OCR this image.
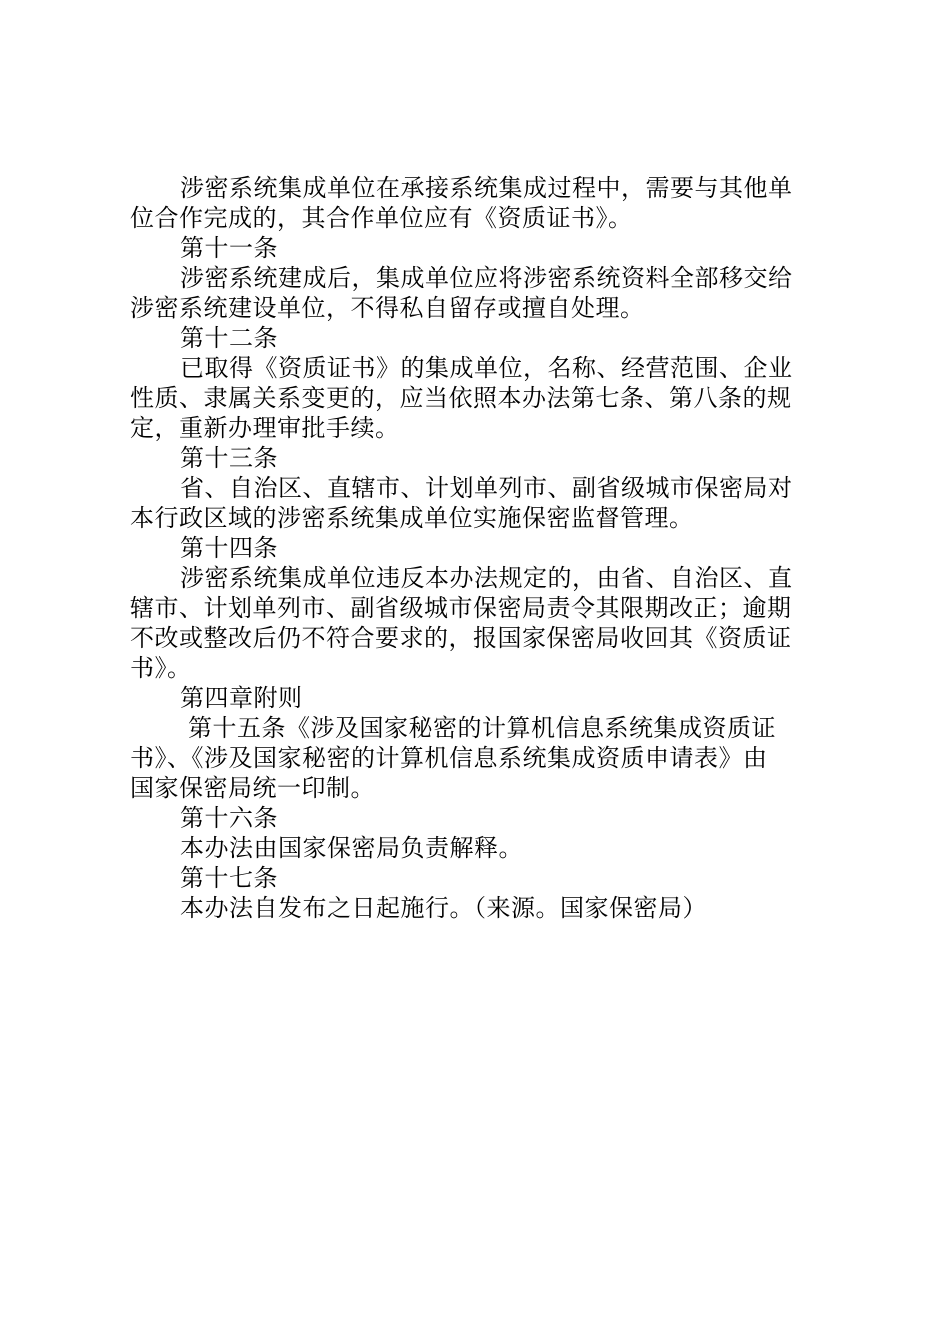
涉密系统集成单位在承接系统集成过程中，需要与其他单
位合作完成的，其合作单位应有《资质证书》。
第十一条
涉密系统建成后，集成单位应将涉密系统资料全部移交给
涉密系统建设单位，不得私自留存或擅自处理。
第十二条
已取得《资质证书》的集成单位，名称、经营范围、企业
性质、隶属关系变更的，应当依照本办法第七条、第八条的规
定，重新办理审批手续。
第十三条
省、自治区、直辖市、计划单列市、副省级城市保密局对
本行政区域的涉密系统集成单位实施保密监督管理。
第十四条
涉密系统集成单位违反本办法规定的，由省、自治区、直
辖市、计划单列市、副省级城市保密局责令其限期改正；逾期
不改或整改后仍不符合要求的，报国家保密局收回其《资质证
书》。
第四章附则
第十五条《涉及国家秘密的计算机信息系统集成资质证
书》、《涉及国家秘密的计算机信息系统集成资质申请表》由
国家保密局统一印制。
第十六条
本办法由国家保密局负责解释。
第十七条
本办法自发布之日起施行。（来源。国家保密局）
